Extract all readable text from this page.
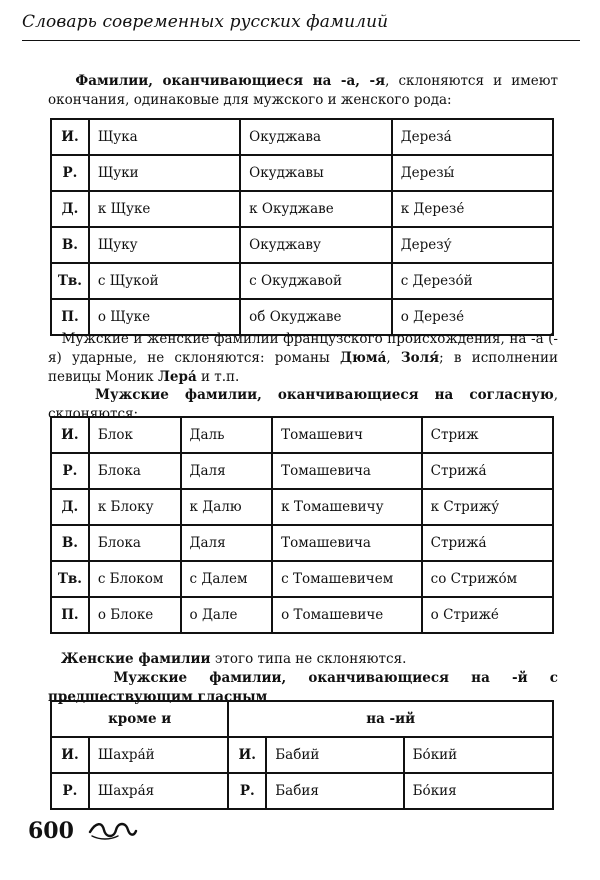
Словарь современных русских фамилий
Фамилии, оканчивающиеся на -а, -я, склоняются и имеют окончания, одинаковые для мужского и женского рода:
И.	Щука	Окуджава	Дереза́
Р.	Щуки	Окуджавы	Дерезы́
Д.	к Щуке	к Окуджаве	к Дерезе́
В.	Щуку	Окуджаву	Дерезу́
Тв.	с Щукой	с Окуджавой	с Дерезо́й
П.	о Щуке	об Окуджаве	о Дерезе́
Мужские и женские фамилии французского происхождения, на -а (-я) ударные, не склоняются: романы Дюма́, Золя́; в исполнении певицы Моник Лера́ и т.п.
Мужские фамилии, оканчивающиеся на согласную, склоняются:
И.	Блок	Даль	Томашевич	Стриж
Р.	Блока	Даля	Томашевича	Стрижа́
Д.	к Блоку	к Далю	к Томашевичу	к Стрижу́
В.	Блока	Даля	Томашевича	Стрижа́
Тв.	с Блоком	с Далем	с Томашевичем	со Стрижо́м
П.	о Блоке	о Дале	о Томашевиче	о Стриже́
Женские фамилии этого типа не склоняются.
Мужские фамилии, оканчивающиеся на -й с предшествующим гласным
кроме и		на -ий		
И.	Шахра́й	И.	Бабий	Бо́кий
Р.	Шахра́я	Р.	Бабия	Бо́кия
600
